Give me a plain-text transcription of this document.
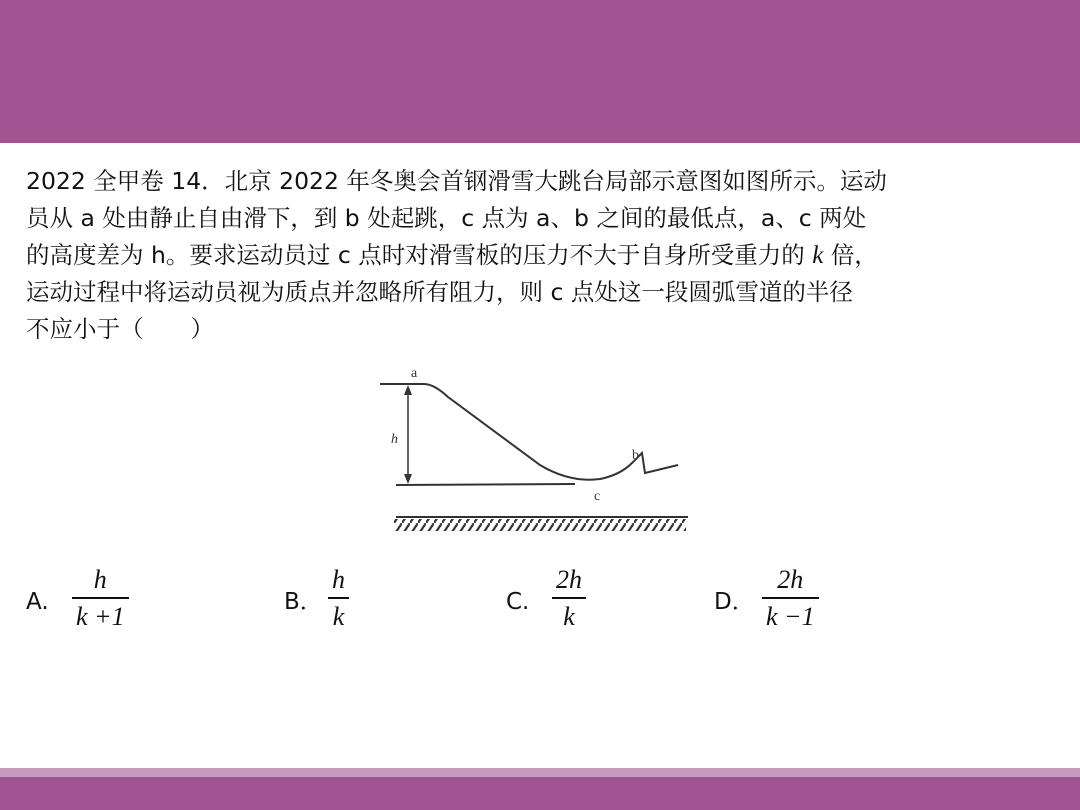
2022 全甲卷 14．北京 2022 年冬奥会首钢滑雪大跳台局部示意图如图所示。运动
员从 a 处由静止自由滑下，到 b 处起跳，c 点为 a、b 之间的最低点，a、c 两处
的高度差为 h。要求运动员过 c 点时对滑雪板的压力不大于自身所受重力的 k 倍，
运动过程中将运动员视为质点并忽略所有阻力，则 c 点处这一段圆弧雪道的半径
不应小于（　　）
a
h
b
c
A.
h
k +1	B．
h
k	C.
2h
k	D．
2h
k −1
